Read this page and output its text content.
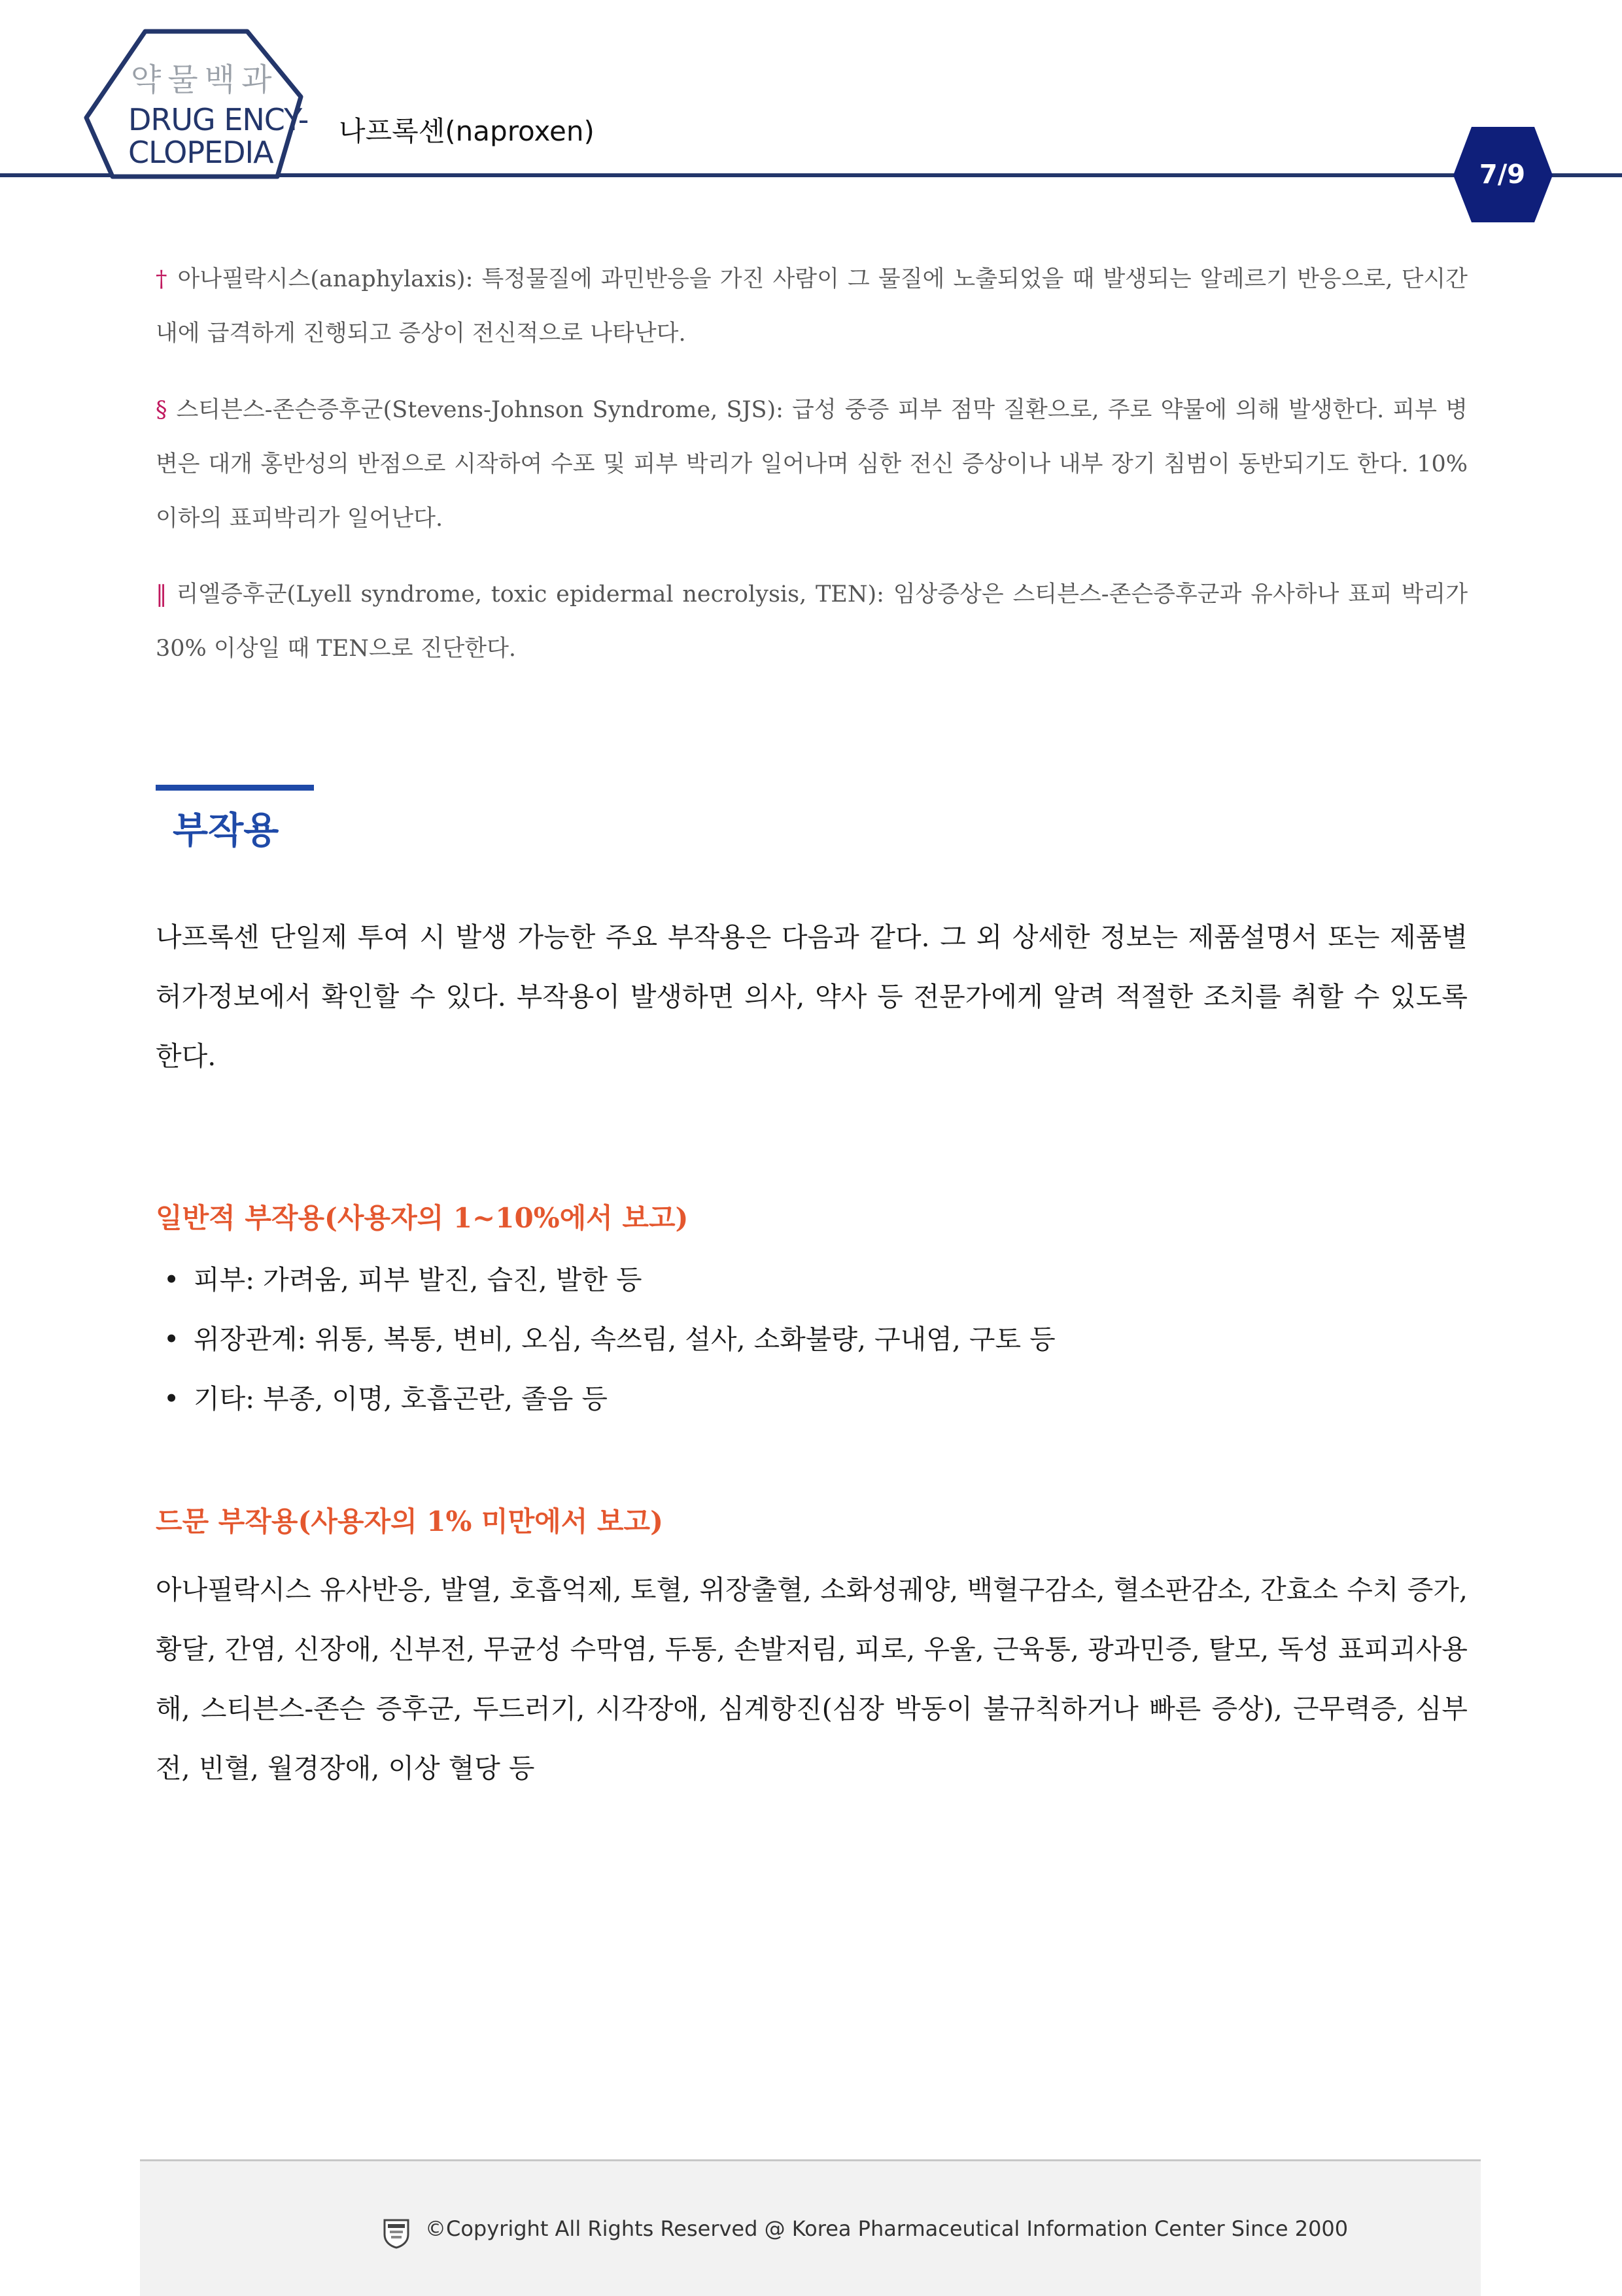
약물백과
DRUG ENCY-
CLOPEDIA
나프록센(naproxen)
7/9

† 아나필락시스(anaphylaxis): 특정물질에 과민반응을 가진 사람이 그 물질에 노출되었을 때 발생되는 알레르기 반응으로, 단시간 내에 급격하게 진행되고 증상이 전신적으로 나타난다.

§ 스티븐스-존슨증후군(Stevens-Johnson Syndrome, SJS): 급성 중증 피부 점막 질환으로, 주로 약물에 의해 발생한다. 피부 병변은 대개 홍반성의 반점으로 시작하여 수포 및 피부 박리가 일어나며 심한 전신 증상이나 내부 장기 침범이 동반되기도 한다. 10% 이하의 표피박리가 일어난다.

‖ 리엘증후군(Lyell syndrome, toxic epidermal necrolysis, TEN): 임상증상은 스티븐스-존슨증후군과 유사하나 표피 박리가 30% 이상일 때 TEN으로 진단한다.

부작용

나프록센 단일제 투여 시 발생 가능한 주요 부작용은 다음과 같다. 그 외 상세한 정보는 제품설명서 또는 제품별 허가정보에서 확인할 수 있다. 부작용이 발생하면 의사, 약사 등 전문가에게 알려 적절한 조치를 취할 수 있도록 한다.

일반적 부작용(사용자의 1~10%에서 보고)
• 피부: 가려움, 피부 발진, 습진, 발한 등
• 위장관계: 위통, 복통, 변비, 오심, 속쓰림, 설사, 소화불량, 구내염, 구토 등
• 기타: 부종, 이명, 호흡곤란, 졸음 등
드문 부작용(사용자의 1% 미만에서 보고)

아나필락시스 유사반응, 발열, 호흡억제, 토혈, 위장출혈, 소화성궤양, 백혈구감소, 혈소판감소, 간효소 수치 증가, 황달, 간염, 신장애, 신부전, 무균성 수막염, 두통, 손발저림, 피로, 우울, 근육통, 광과민증, 탈모, 독성 표피괴사용해, 스티븐스-존슨 증후군, 두드러기, 시각장애, 심계항진(심장 박동이 불규칙하거나 빠른 증상), 근무력증, 심부전, 빈혈, 월경장애, 이상 혈당 등

©Copyright All Rights Reserved @ Korea Pharmaceutical Information Center Since 2000
